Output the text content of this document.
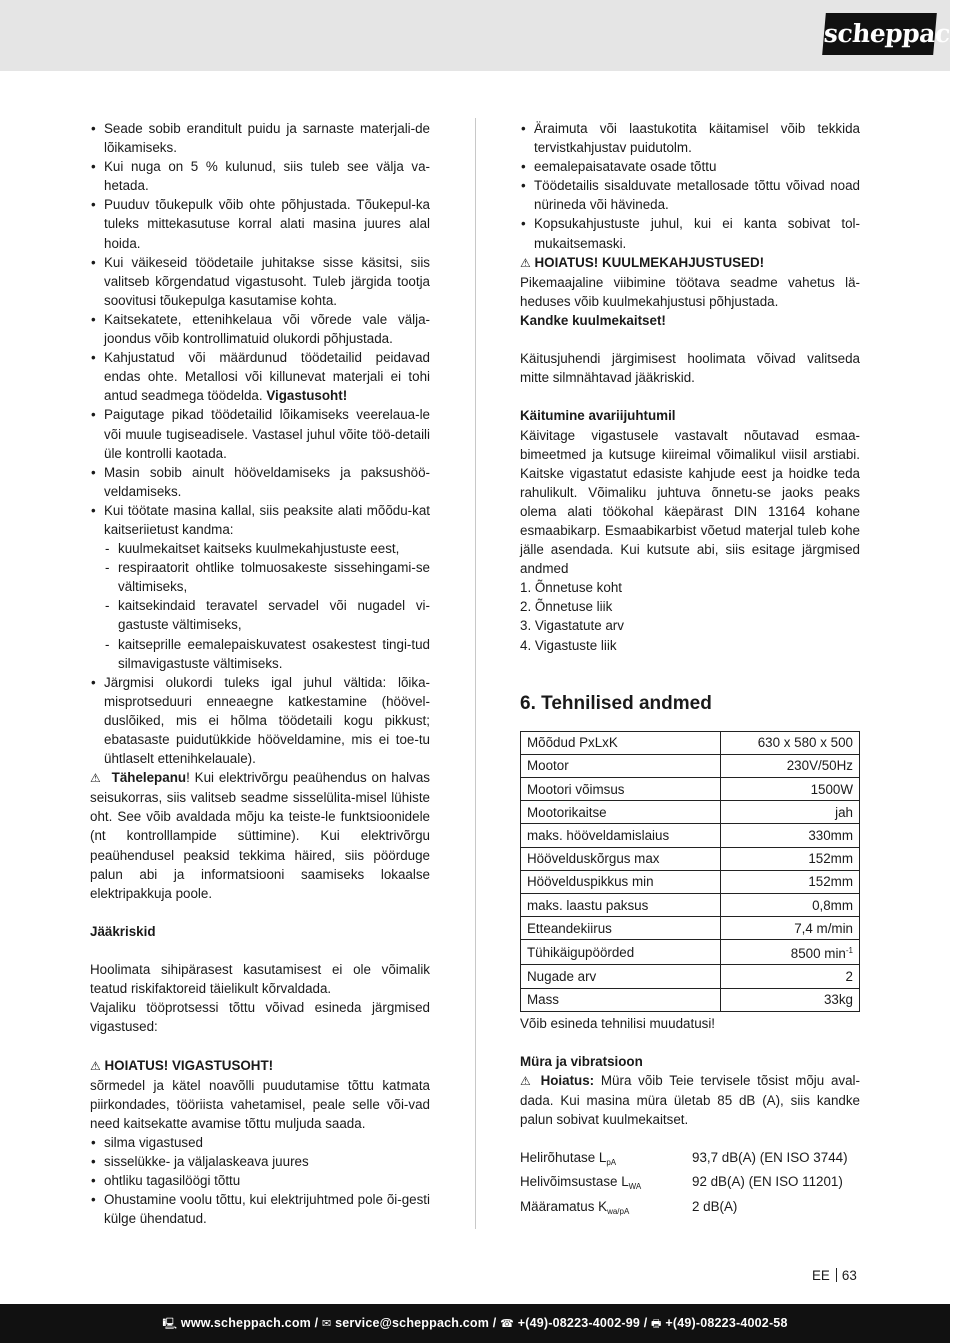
scheppach
• Seade sobib eranditult puidu ja sarnaste materjali-de lõikamiseks.
• Kui nuga on 5 % kulunud, siis tuleb see välja va-hetada.
• Puuduv tõukepulk võib ohte põhjustada. Tõukepul-ka tuleks mittekasutuse korral alati masina juures alal hoida.
• Kui väikeseid töödetaile juhitakse sisse käsitsi, siis valitseb kõrgendatud vigastusoht. Tuleb järgida tootja soovitusi tõukepulga kasutamise kohta.
• Kaitsekatete, ettenihkelaua või võrede vale välja-joondus võib kontrollimatuid olukordi põhjustada.
• Kahjustatud või määrdunud töödetailid peidavad endas ohte. Metallosi või killunevat materjali ei tohi antud seadmega töödelda. Vigastusoht!
• Paigutage pikad töödetailid lõikamiseks veerelaua-le või muule tugiseadisele. Vastasel juhul võite töö-detaili üle kontrolli kaotada.
• Masin sobib ainult hööveldamiseks ja paksushöö-veldamiseks.
• Kui töötate masina kallal, siis peaksite alati mõõdu-kat kaitseriietust kandma:
- kuulmekaitset kaitseks kuulmekahjustuste eest,
- respiraatorit ohtlike tolmuosakeste sissehingami-se vältimiseks,
- kaitsekindaid teravatel servadel või nugadel vi-gastuste vältimiseks,
- kaitseprille eemalepaiskuvatest osakestest tingi-tud silmavigastuste vältimiseks.
• Järgmisi olukordi tuleks igal juhul vältida: lõika-misprotseduuri enneaegne katkestamine (höövel-duslõiked, mis ei hõlma töödetaili kogu pikkust; ebatasaste puidutükkide hööveldamine, mis ei toe-tu ühtlaselt ettenihkelauale).
⚠ Tähelepanu! Kui elektrivõrgu peaühendus on halvas seisukorras, siis valitseb seadme sisselülita-misel lühiste oht. See võib avaldada mõju ka teiste-le funktsioonidele (nt kontrolllampide süttimine). Kui elektrivõrgu peaühendusel peaksid tekkima häired, siis pöörduge palun abi ja informatsiooni saamiseks lokaalse elektripakkuja poole.
Jääkriskid
Hoolimata sihipärasest kasutamisest ei ole võimalik teatud riskifaktoreid täielikult kõrvaldada.
Vajaliku tööprotsessi tõttu võivad esineda järgmised vigastused:
⚠ HOIATUS! VIGASTUSOHT!
sõrmedel ja kätel noavõlli puudutamise tõttu katmata piirkondades, tööriista vahetamisel, peale selle või-vad need kaitsekatte avamise tõttu muljuda saada.
• silma vigastused
• sisselükke- ja väljalaskeava juures
• ohtliku tagasilöögi tõttu
• Ohustamine voolu tõttu, kui elektrijuhtmed pole õi-gesti külge ühendatud.
• Äraimuta või laastukotita käitamisel võib tekkida tervistkahjustav puidutolm.
• eemalepaisatavate osade tõttu
• Töödetailis sisalduvate metallosade tõttu võivad noad nürineda või hävineda.
• Kopsukahjustuste juhul, kui ei kanta sobivat tol-mukaitsemaski.
⚠ HOIATUS! KUULMEKAHJUSTUSED!
Pikemaajaline viibimine töötava seadme vahetus lä-heduses võib kuulmekahjustusi põhjustada.
Kandke kuulmekaitset!
Käitusjuhendi järgimisest hoolimata võivad valitseda mitte silmnähtavad jääkriskid.
Käitumine avariijuhtumil
Käivitage vigastusele vastavalt nõutavad esmaa-bimeetmed ja kutsuge kiireimal võimalikul viisil arstiabi. Kaitske vigastatut edasiste kahjude eest ja hoidke teda rahulikult. Võimaliku juhtuva õnnetu-se jaoks peaks olema alati töökohal käepärast DIN 13164 kohane esmaabikarp. Esmaabikarbist võetud materjal tuleb kohe jälle asendada. Kui kutsute abi, siis esitage järgmised andmed
1. Õnnetuse koht
2. Õnnetuse liik
3. Vigastatute arv
4. Vigastuste liik
6. Tehnilised andmed
Mõõdud PxLxK	630 x 580 x 500
Mootor	230V/50Hz
Mootori võimsus	1500W
Mootorikaitse	jah
maks. hööveldamislaius	330mm
Höövelduskõrgus max	152mm
Höövelduspikkus min	152mm
maks. laastu paksus	0,8mm
Etteandekiirus	7,4 m/min
Tühikäigupöörded	8500 $\min^{-1}$
Nugade arv	2
Mass	33kg
Võib esineda tehnilisi muudatusi!
Müra ja vibratsioon
⚠ Hoiatus: Müra võib Teie tervisele tõsist mõju aval-dada. Kui masina müra ületab 85 dB (A), siis kandke palun sobivat kuulmekaitset.
Helirõhutase $L_{pA}$	93,7 dB(A) (EN ISO 3744)
Helivõimsustase $L_{WA}$	92 dB(A) (EN ISO 11201)
Määramatus $K_{wa/pA}$	2 dB(A)
EE 63
🖳 www.scheppach.com / ✉ service@scheppach.com / ☎ +(49)-08223-4002-99 / 🖶 +(49)-08223-4002-58
